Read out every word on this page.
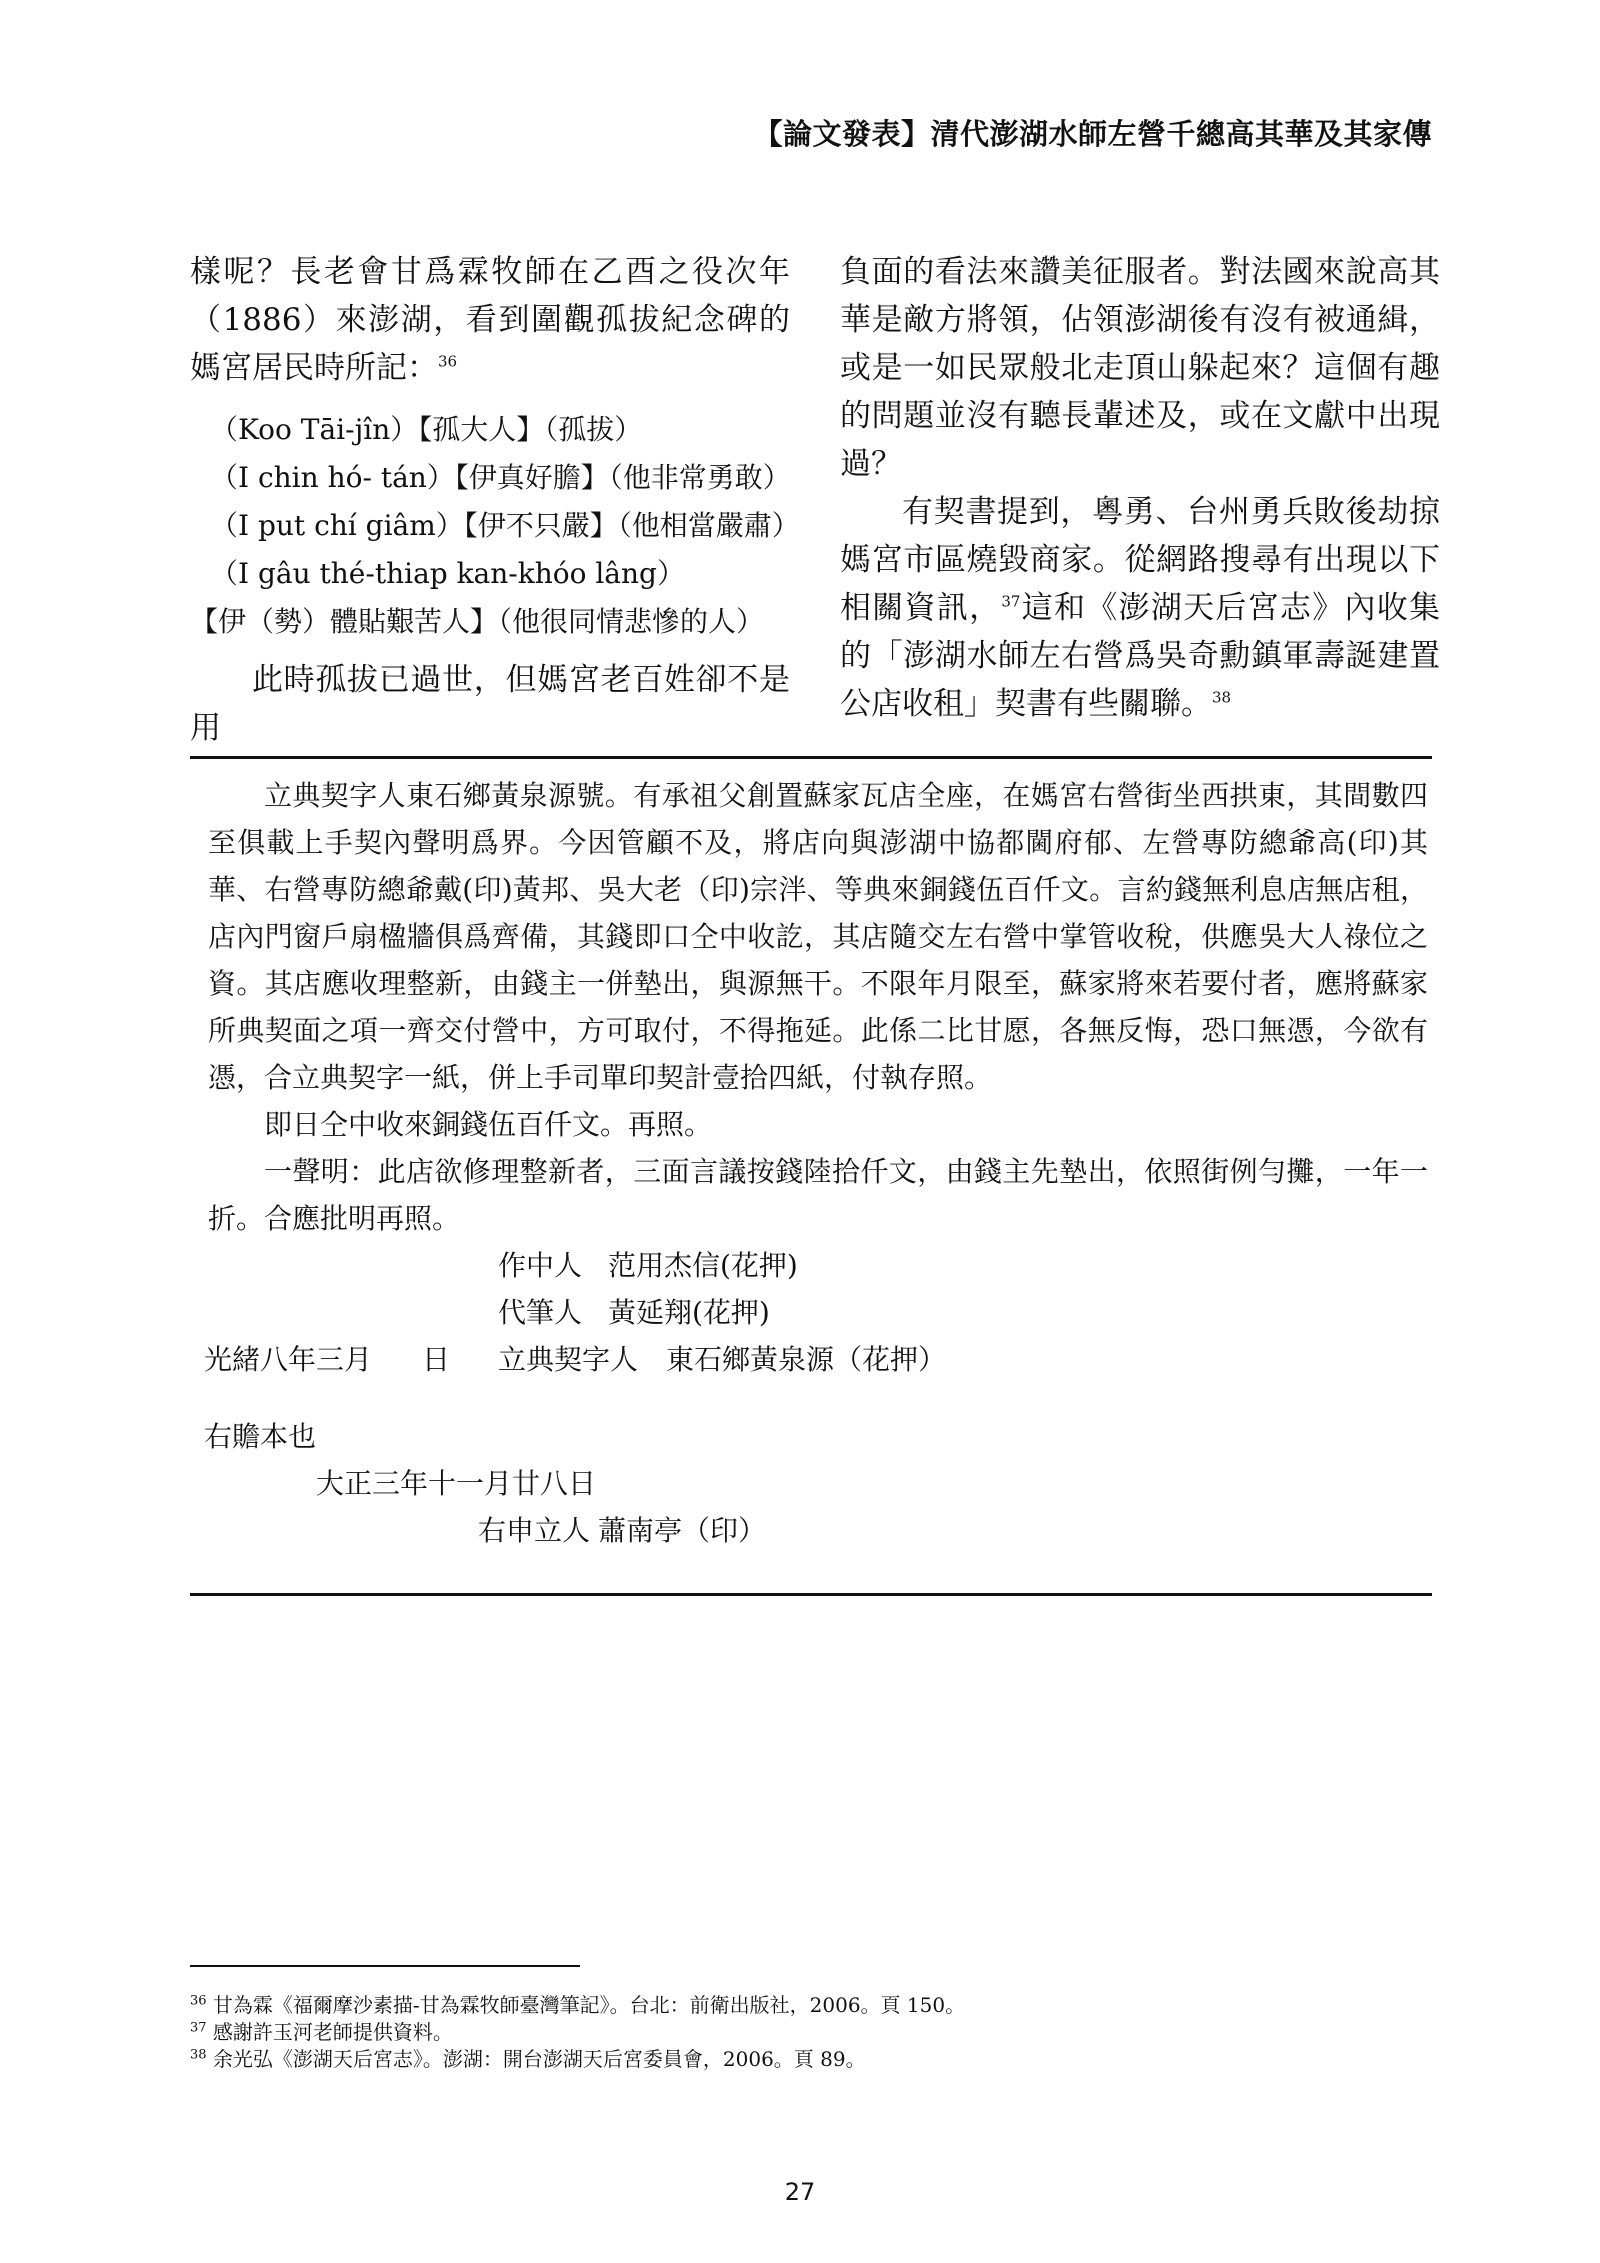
【論文發表】清代澎湖水師左營千總高其華及其家傳

樣呢？長老會甘爲霖牧師在乙酉之役次年（1886）來澎湖，看到圍觀孤拔紀念碑的媽宮居民時所記：$^{36}$

（Koo Tāi-jîn）【孤大人】（孤拔）
（I chin hó- tán）【伊真好膽】（他非常勇敢）
（I put chí giâm）【伊不只嚴】（他相當嚴肅）
（I gâu thé-thiap kan-khóo lâng）
【伊（勢）體貼艱苦人】（他很同情悲慘的人）

此時孤拔已過世，但媽宮老百姓卻不是用

負面的看法來讚美征服者。對法國來說高其華是敵方將領，佔領澎湖後有沒有被通緝，或是一如民眾般北走頂山躲起來？這個有趣的問題並沒有聽長輩述及，或在文獻中出現過？

有契書提到，粵勇、台州勇兵敗後劫掠媽宮市區燒毀商家。從網路搜尋有出現以下相關資訊，$^{37}$這和《澎湖天后宮志》內收集的「澎湖水師左右營爲吳奇勳鎮軍壽誕建置公店收租」契書有些關聯。$^{38}$

立典契字人東石鄉黃泉源號。有承祖父創置蘇家瓦店全座，在媽宮右營街坐西拱東，其間數四至俱載上手契內聲明爲界。今因管顧不及，將店向與澎湖中協都閫府郁、左營專防總爺高(印)其華、右營專防總爺戴(印)黃邦、吳大老（印)宗泮、等典來銅錢伍百仟文。言約錢無利息店無店租，店內門窗戶扇楹牆俱爲齊備，其錢即口仝中收訖，其店隨交左右營中掌管收稅，供應吳大人祿位之資。其店應收理整新，由錢主一併墊出，與源無干。不限年月限至，蘇家將來若要付者，應將蘇家所典契面之項一齊交付營中，方可取付，不得拖延。此係二比甘愿，各無反悔，恐口無憑，今欲有憑，合立典契字一紙，併上手司單印契計壹拾四紙，付執存照。

即日仝中收來銅錢伍百仟文。再照。

一聲明：此店欲修理整新者，三面言議按錢陸拾仟文，由錢主先墊出，依照街例勻攤，一年一折。合應批明再照。

作中人 范用杰信(花押)
代筆人 黃延翔(花押)
光緒八年三月 日 立典契字人 東石鄉黃泉源（花押）
右贍本也
大正三年十一月廿八日
右申立人 蕭南亭（印）
$^{36}$ 甘為霖《福爾摩沙素描-甘為霖牧師臺灣筆記》。台北：前衛出版社，2006。頁 150。
$^{37}$ 感謝許玉河老師提供資料。
$^{38}$ 余光弘《澎湖天后宮志》。澎湖：開台澎湖天后宮委員會，2006。頁 89。
27
